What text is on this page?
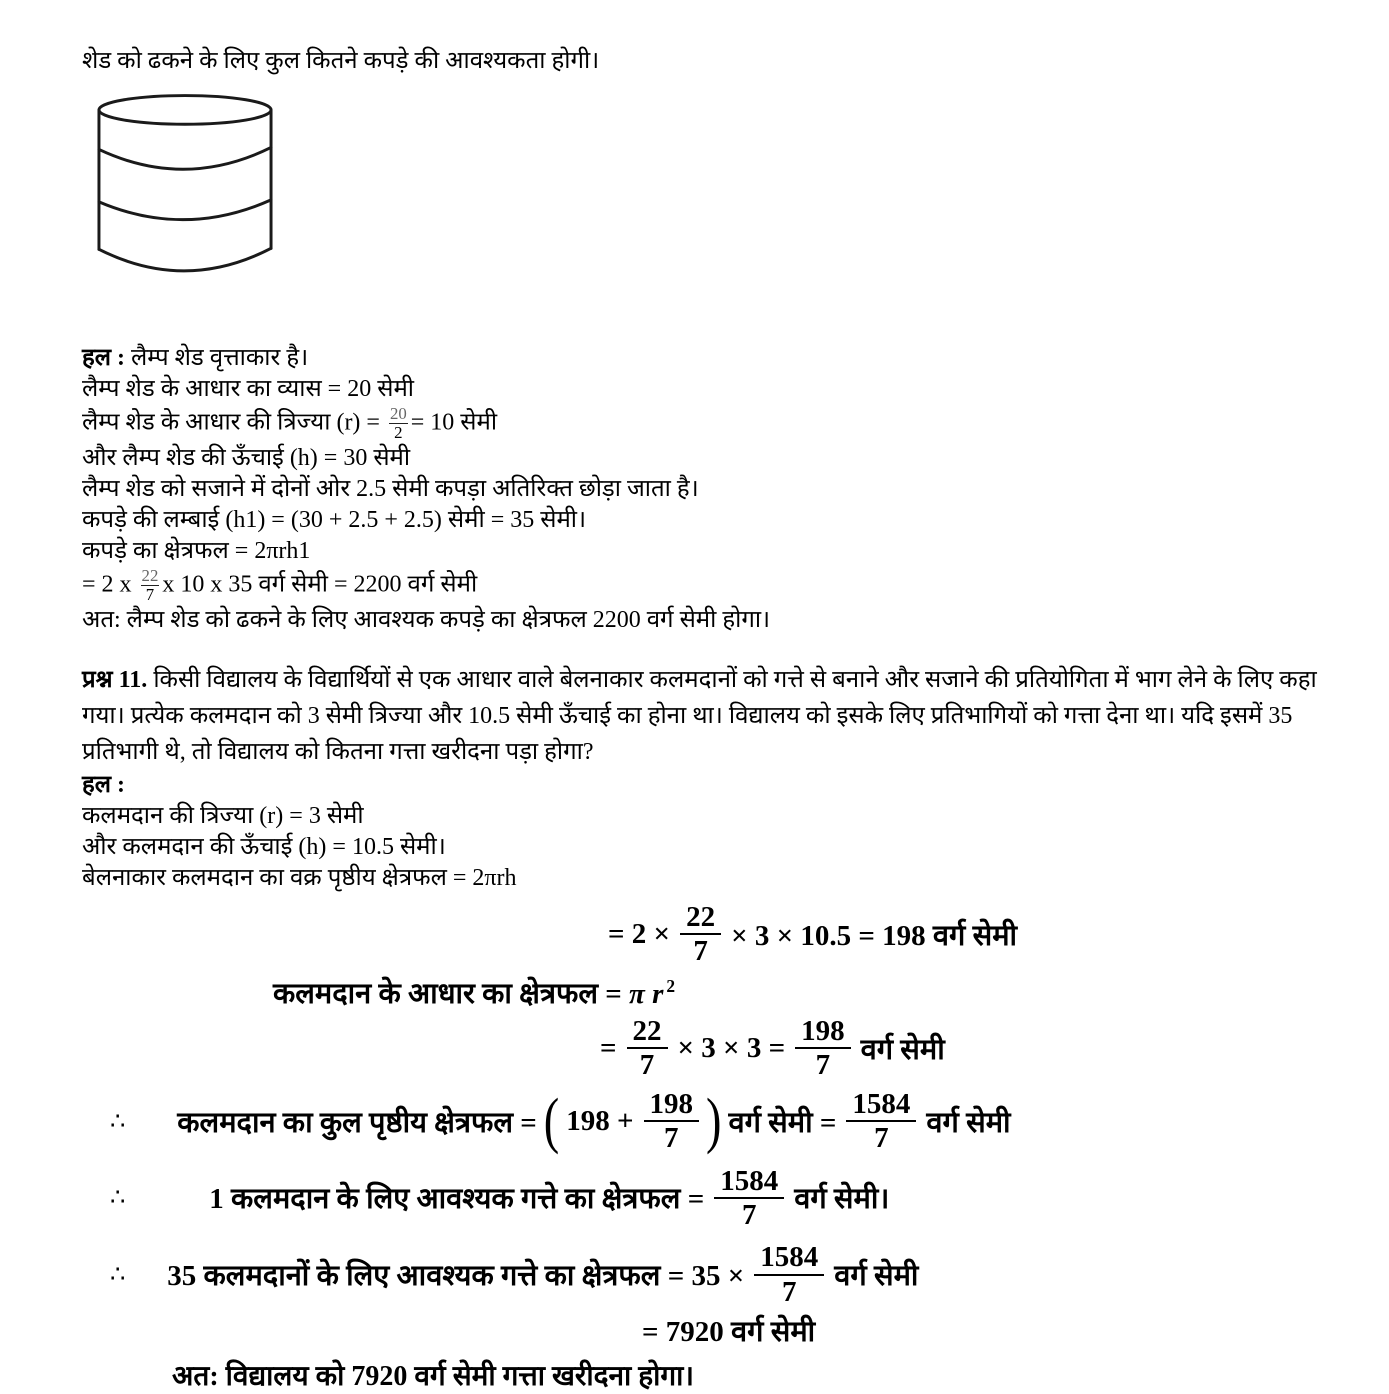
शेड को ढकने के लिए कुल कितने कपड़े की आवश्यकता होगी।
हल : लैम्प शेड वृत्ताकार है।
लैम्प शेड के आधार का व्यास = 20 सेमी
लैम्प शेड के आधार की त्रिज्या $(r) = \frac{20}{2} = 10$ सेमी
और लैम्प शेड की ऊँचाई (h) = 30 सेमी
लैम्प शेड को सजाने में दोनों ओर 2.5 सेमी कपड़ा अतिरिक्त छोड़ा जाता है।
कपड़े की लम्बाई (h1) = (30 + 2.5 + 2.5) सेमी = 35 सेमी।
कपड़े का क्षेत्रफल = 2πrh1
= 2 x $\frac{22}{7}$ x 10 x 35 वर्ग सेमी = 2200 वर्ग सेमी
अत: लैम्प शेड को ढकने के लिए आवश्यक कपड़े का क्षेत्रफल 2200 वर्ग सेमी होगा।

प्रश्न 11. किसी विद्यालय के विद्यार्थियों से एक आधार वाले बेलनाकार कलमदानों को गत्ते से बनाने और सजाने की प्रतियोगिता में भाग लेने के लिए कहा गया। प्रत्येक कलमदान को 3 सेमी त्रिज्या और 10.5 सेमी ऊँचाई का होना था। विद्यालय को इसके लिए प्रतिभागियों को गत्ता देना था। यदि इसमें 35 प्रतिभागी थे, तो विद्यालय को कितना गत्ता खरीदना पड़ा होगा?

हल :
कलमदान की त्रिज्या (r) = 3 सेमी
और कलमदान की ऊँचाई (h) = 10.5 सेमी।
बेलनाकार कलमदान का वक्र पृष्ठीय क्षेत्रफल = 2πrh
= $2 \times \frac{22}{7} \times 3 \times 10.5 = 198$ वर्ग सेमी
कलमदान के आधार का क्षेत्रफल = π r $^2$
= $\frac{22}{7} \times 3 \times 3 = \frac{198}{7}$ वर्ग सेमी
∴ कलमदान का कुल पृष्ठीय क्षेत्रफल = ( $198 + \frac{198}{7}$ ) वर्ग सेमी = $\frac{1584}{7}$ वर्ग सेमी
∴	1 कलमदान के लिए आवश्यक गत्ते का क्षेत्रफल = $\frac{1584}{7}$ वर्ग सेमी।
∴ 35 कलमदानों के लिए आवश्यक गत्ते का क्षेत्रफल = $35 \times \frac{1584}{7}$ वर्ग सेमी
= 7920 वर्ग सेमी
अत: विद्यालय को 7920 वर्ग सेमी गत्ता खरीदना होगा।
